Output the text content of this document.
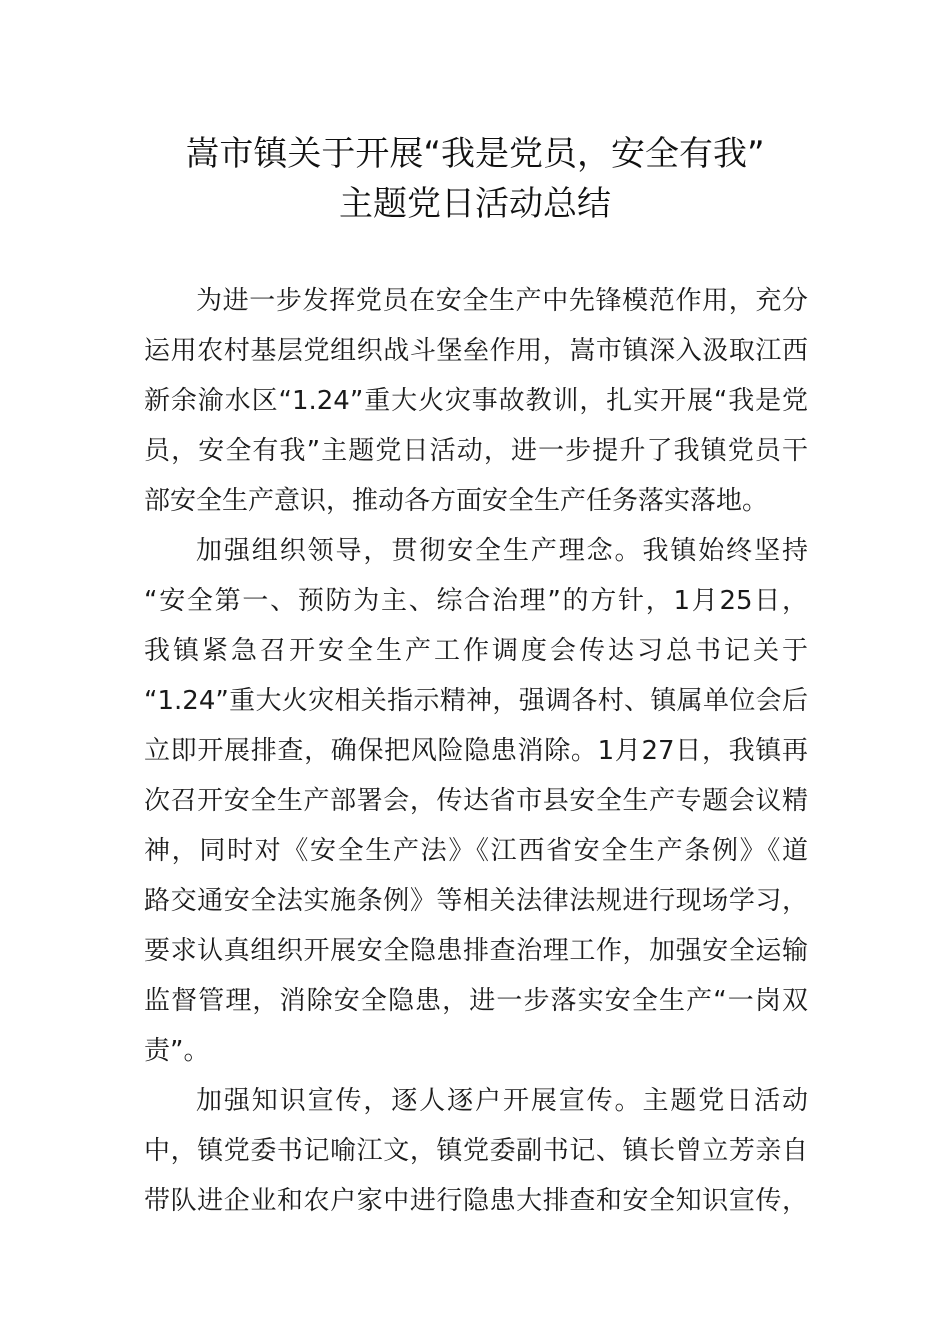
嵩市镇关于开展“我是党员，安全有我”
主题党日活动总结
为进一步发挥党员在安全生产中先锋模范作用，充分
运用农村基层党组织战斗堡垒作用，嵩市镇深入汲取江西
新余渝水区“1.24”重大火灾事故教训，扎实开展“我是党
员，安全有我”主题党日活动，进一步提升了我镇党员干
部安全生产意识，推动各方面安全生产任务落实落地。
加强组织领导，贯彻安全生产理念。我镇始终坚持
“安全第一、预防为主、综合治理”的方针，1月25日，
我镇紧急召开安全生产工作调度会传达习总书记关于
“1.24”重大火灾相关指示精神，强调各村、镇属单位会后
立即开展排查，确保把风险隐患消除。1月27日，我镇再
次召开安全生产部署会，传达省市县安全生产专题会议精
神，同时对《安全生产法》《江西省安全生产条例》《道
路交通安全法实施条例》等相关法律法规进行现场学习，
要求认真组织开展安全隐患排查治理工作，加强安全运输
监督管理，消除安全隐患，进一步落实安全生产“一岗双
责”。
加强知识宣传，逐人逐户开展宣传。主题党日活动
中，镇党委书记喻江文，镇党委副书记、镇长曾立芳亲自
带队进企业和农户家中进行隐患大排查和安全知识宣传，
